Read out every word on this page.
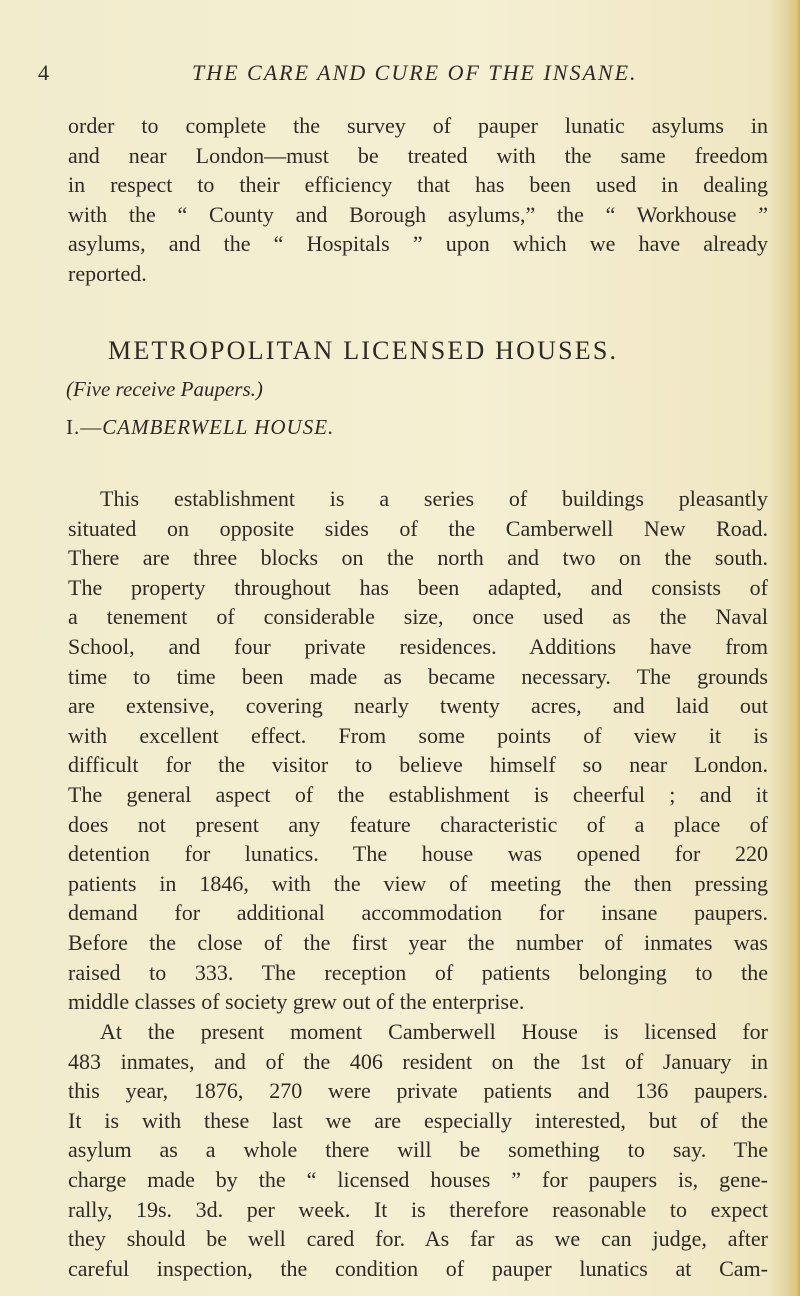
4	THE CARE AND CURE OF THE INSANE.
order to complete the survey of pauper lunatic asylums in
and near London—must be treated with the same freedom
in respect to their efficiency that has been used in dealing
with the “ County and Borough asylums,” the “ Workhouse ”
asylums, and the “ Hospitals ” upon which we have already
reported.
METROPOLITAN LICENSED HOUSES.
(Five receive Paupers.)
I.—CAMBERWELL HOUSE.
This establishment is a series of buildings pleasantly
situated on opposite sides of the Camberwell New Road.
There are three blocks on the north and two on the south.
The property throughout has been adapted, and consists of
a tenement of considerable size, once used as the Naval
School, and four private residences. Additions have from
time to time been made as became necessary. The grounds
are extensive, covering nearly twenty acres, and laid out
with excellent effect. From some points of view it is
difficult for the visitor to believe himself so near London.
The general aspect of the establishment is cheerful ; and it
does not present any feature characteristic of a place of
detention for lunatics. The house was opened for 220
patients in 1846, with the view of meeting the then pressing
demand for additional accommodation for insane paupers.
Before the close of the first year the number of inmates was
raised to 333. The reception of patients belonging to the
middle classes of society grew out of the enterprise.
At the present moment Camberwell House is licensed for
483 inmates, and of the 406 resident on the 1st of January in
this year, 1876, 270 were private patients and 136 paupers.
It is with these last we are especially interested, but of the
asylum as a whole there will be something to say. The
charge made by the “ licensed houses ” for paupers is, gene-
rally, 19s. 3d. per week. It is therefore reasonable to expect
they should be well cared for. As far as we can judge, after
careful inspection, the condition of pauper lunatics at Cam-
